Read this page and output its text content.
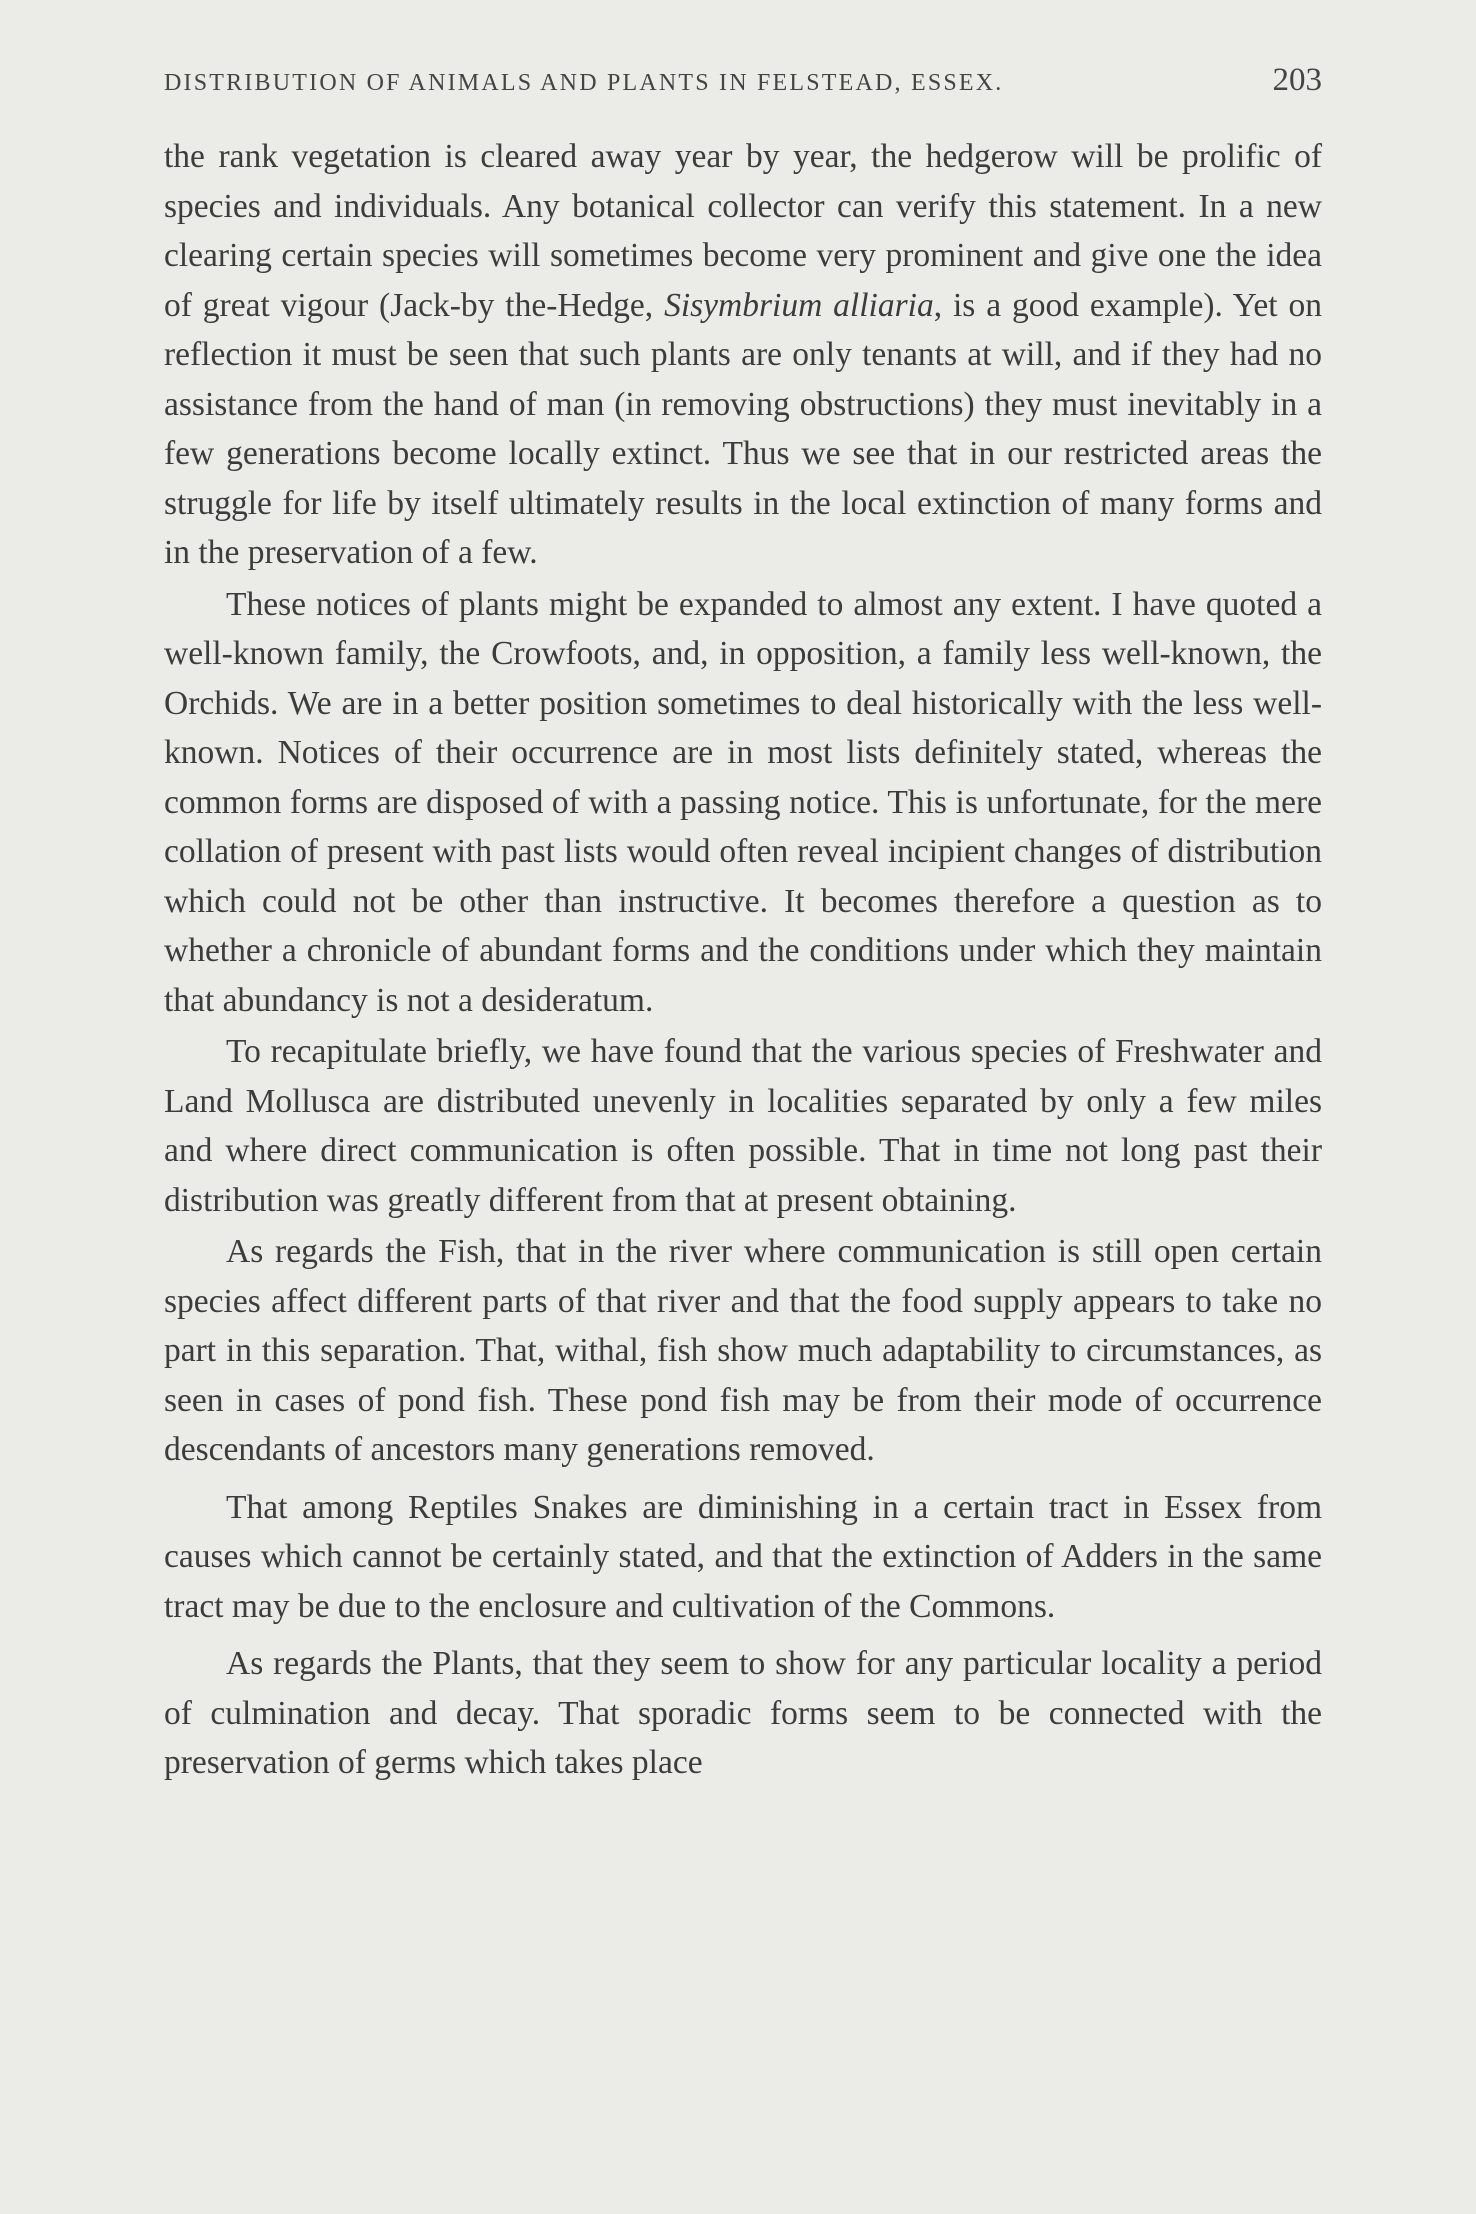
DISTRIBUTION OF ANIMALS AND PLANTS IN FELSTEAD, ESSEX.	203

the rank vegetation is cleared away year by year, the hedgerow will be prolific of species and individuals. Any botanical collector can verify this statement. In a new clearing certain species will sometimes become very prominent and give one the idea of great vigour (Jack-by the-Hedge, Sisymbrium alliaria, is a good example). Yet on reflection it must be seen that such plants are only tenants at will, and if they had no assistance from the hand of man (in removing obstructions) they must inevitably in a few generations become locally extinct. Thus we see that in our restricted areas the struggle for life by itself ultimately results in the local extinction of many forms and in the preservation of a few.

These notices of plants might be expanded to almost any extent. I have quoted a well-known family, the Crowfoots, and, in opposition, a family less well-known, the Orchids. We are in a better position sometimes to deal historically with the less well-known. Notices of their occurrence are in most lists definitely stated, whereas the common forms are disposed of with a passing notice. This is unfortunate, for the mere collation of present with past lists would often reveal incipient changes of distribution which could not be other than instructive. It becomes therefore a question as to whether a chronicle of abundant forms and the conditions under which they maintain that abundancy is not a desideratum.

To recapitulate briefly, we have found that the various species of Freshwater and Land Mollusca are distributed unevenly in localities separated by only a few miles and where direct communication is often possible. That in time not long past their distribution was greatly different from that at present obtaining.

As regards the Fish, that in the river where communication is still open certain species affect different parts of that river and that the food supply appears to take no part in this separation. That, withal, fish show much adaptability to circumstances, as seen in cases of pond fish. These pond fish may be from their mode of occurrence descendants of ancestors many generations removed.

That among Reptiles Snakes are diminishing in a certain tract in Essex from causes which cannot be certainly stated, and that the extinction of Adders in the same tract may be due to the enclosure and cultivation of the Commons.

As regards the Plants, that they seem to show for any particular locality a period of culmination and decay. That sporadic forms seem to be connected with the preservation of germs which takes place
